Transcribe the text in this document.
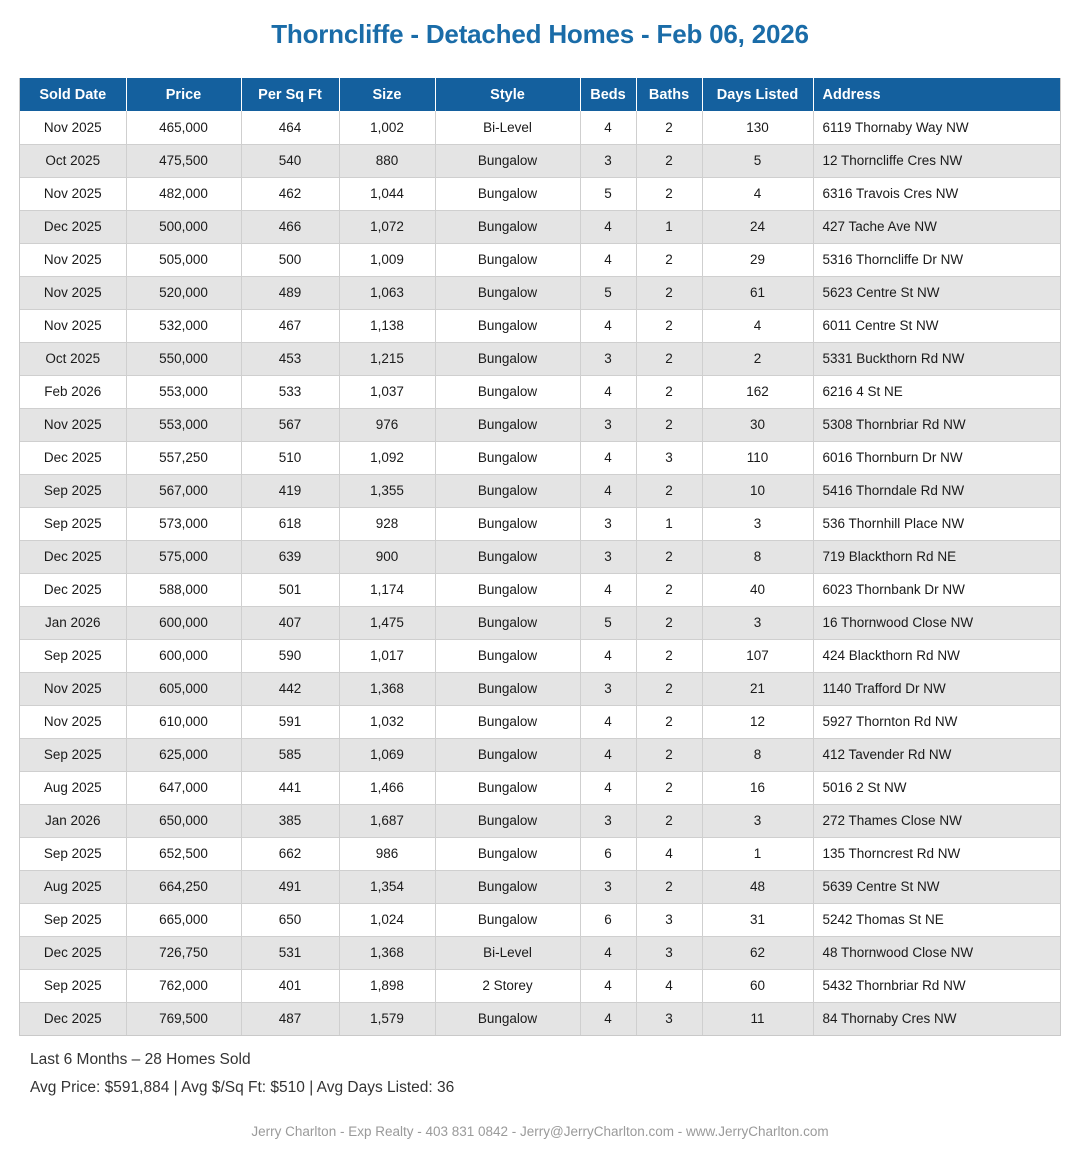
Thorncliffe - Detached Homes - Feb 06, 2026
Sold Date	Price	Per Sq Ft	Size	Style	Beds	Baths	Days Listed	Address
Nov 2025	465,000	464	1,002	Bi-Level	4	2	130	6119 Thornaby Way NW
Oct 2025	475,500	540	880	Bungalow	3	2	5	12 Thorncliffe Cres NW
Nov 2025	482,000	462	1,044	Bungalow	5	2	4	6316 Travois Cres NW
Dec 2025	500,000	466	1,072	Bungalow	4	1	24	427 Tache Ave NW
Nov 2025	505,000	500	1,009	Bungalow	4	2	29	5316 Thorncliffe Dr NW
Nov 2025	520,000	489	1,063	Bungalow	5	2	61	5623 Centre St NW
Nov 2025	532,000	467	1,138	Bungalow	4	2	4	6011 Centre St NW
Oct 2025	550,000	453	1,215	Bungalow	3	2	2	5331 Buckthorn Rd NW
Feb 2026	553,000	533	1,037	Bungalow	4	2	162	6216 4 St NE
Nov 2025	553,000	567	976	Bungalow	3	2	30	5308 Thornbriar Rd NW
Dec 2025	557,250	510	1,092	Bungalow	4	3	110	6016 Thornburn Dr NW
Sep 2025	567,000	419	1,355	Bungalow	4	2	10	5416 Thorndale Rd NW
Sep 2025	573,000	618	928	Bungalow	3	1	3	536 Thornhill Place NW
Dec 2025	575,000	639	900	Bungalow	3	2	8	719 Blackthorn Rd NE
Dec 2025	588,000	501	1,174	Bungalow	4	2	40	6023 Thornbank Dr NW
Jan 2026	600,000	407	1,475	Bungalow	5	2	3	16 Thornwood Close NW
Sep 2025	600,000	590	1,017	Bungalow	4	2	107	424 Blackthorn Rd NW
Nov 2025	605,000	442	1,368	Bungalow	3	2	21	1140 Trafford Dr NW
Nov 2025	610,000	591	1,032	Bungalow	4	2	12	5927 Thornton Rd NW
Sep 2025	625,000	585	1,069	Bungalow	4	2	8	412 Tavender Rd NW
Aug 2025	647,000	441	1,466	Bungalow	4	2	16	5016 2 St NW
Jan 2026	650,000	385	1,687	Bungalow	3	2	3	272 Thames Close NW
Sep 2025	652,500	662	986	Bungalow	6	4	1	135 Thorncrest Rd NW
Aug 2025	664,250	491	1,354	Bungalow	3	2	48	5639 Centre St NW
Sep 2025	665,000	650	1,024	Bungalow	6	3	31	5242 Thomas St NE
Dec 2025	726,750	531	1,368	Bi-Level	4	3	62	48 Thornwood Close NW
Sep 2025	762,000	401	1,898	2 Storey	4	4	60	5432 Thornbriar Rd NW
Dec 2025	769,500	487	1,579	Bungalow	4	3	11	84 Thornaby Cres NW
Last 6 Months – 28 Homes Sold
Avg Price: $591,884 | Avg $/Sq Ft: $510 | Avg Days Listed: 36
Jerry Charlton - Exp Realty - 403 831 0842 - Jerry@JerryCharlton.com - www.JerryCharlton.com
